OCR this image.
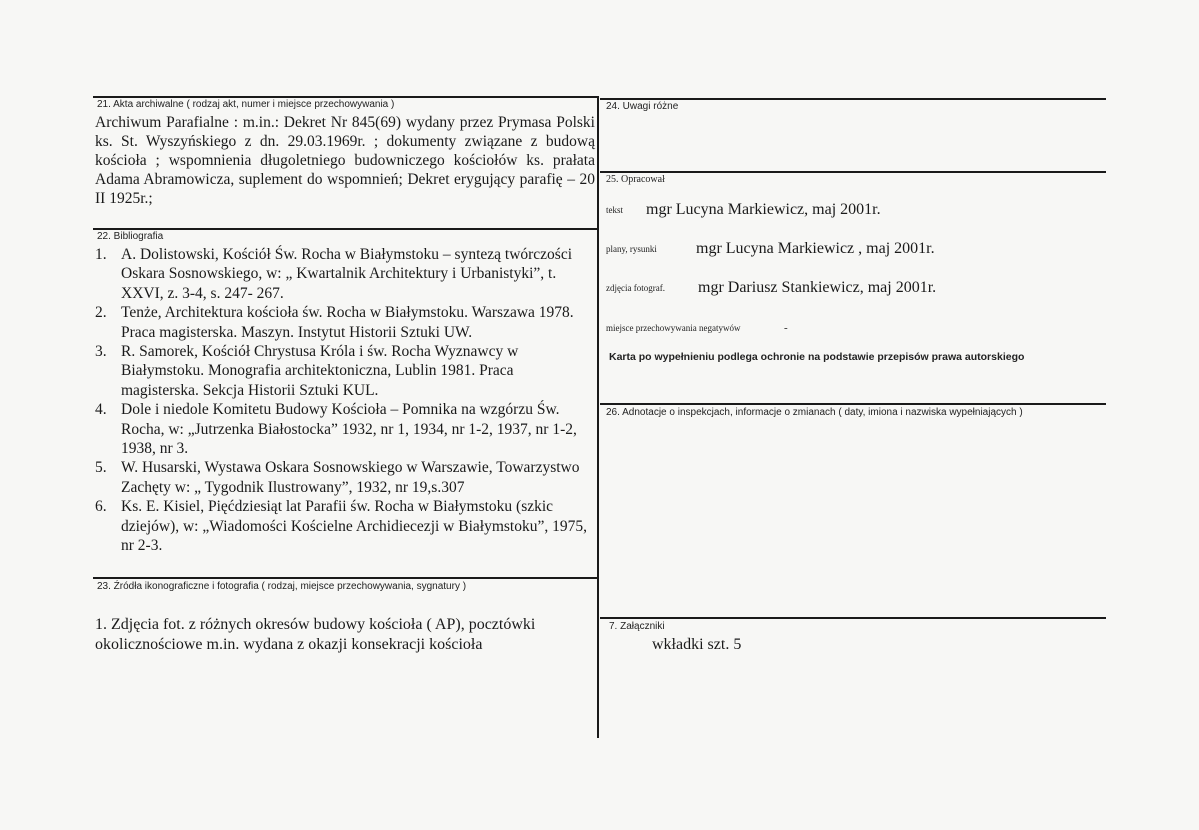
21. Akta archiwalne ( rodzaj akt, numer i miejsce przechowywania )
Archiwum Parafialne : m.in.: Dekret Nr 845(69) wydany przez Prymasa Polski ks. St. Wyszyńskiego z dn. 29.03.1969r. ; dokumenty związane z budową kościoła ; wspomnienia długoletniego budowniczego kościołów ks. prałata Adama Abramowicza, suplement do wspomnień; Dekret erygujący parafię – 20 II 1925r.;
22. Bibliografia
1. A. Dolistowski, Kościół Św. Rocha w Białymstoku – syntezą twórczości Oskara Sosnowskiego, w: „ Kwartalnik Architektury i Urbanistyki”, t. XXVI, z. 3-4, s. 247- 267.
2. Tenże, Architektura kościoła św. Rocha w Białymstoku. Warszawa 1978. Praca magisterska. Maszyn. Instytut Historii Sztuki UW.
3. R. Samorek, Kościół Chrystusa Króla i św. Rocha Wyznawcy w Białymstoku. Monografia architektoniczna, Lublin 1981. Praca magisterska. Sekcja Historii Sztuki KUL.
4. Dole i niedole Komitetu Budowy Kościoła – Pomnika na wzgórzu Św. Rocha, w: „Jutrzenka Białostocka” 1932, nr 1, 1934, nr 1-2, 1937, nr 1-2, 1938, nr 3.
5. W. Husarski, Wystawa Oskara Sosnowskiego w Warszawie, Towarzystwo Zachęty w: „ Tygodnik Ilustrowany”, 1932, nr 19,s.307
6. Ks. E. Kisiel, Pięćdziesiąt lat Parafii św. Rocha w Białymstoku (szkic dziejów), w: „Wiadomości Kościelne Archidiecezji w Białymstoku”, 1975, nr 2-3.
23. Źródła ikonograficzne i fotografia ( rodzaj, miejsce przechowywania, sygnatury )
1. Zdjęcia fot. z różnych okresów budowy kościoła ( AP), pocztówki okolicznościowe m.in. wydana z okazji konsekracji kościoła
24. Uwagi różne
25. Opracował
tekst mgr Lucyna Markiewicz, maj 2001r.
plany, rysunki mgr Lucyna Markiewicz , maj 2001r.
zdjęcia fotograf. mgr Dariusz Stankiewicz, maj 2001r.
miejsce przechowywania negatywów	-
Karta po wypełnieniu podlega ochronie na podstawie przepisów prawa autorskiego
26. Adnotacje o inspekcjach, informacje o zmianach ( daty, imiona i nazwiska wypełniających )
7. Załączniki
wkładki szt. 5
